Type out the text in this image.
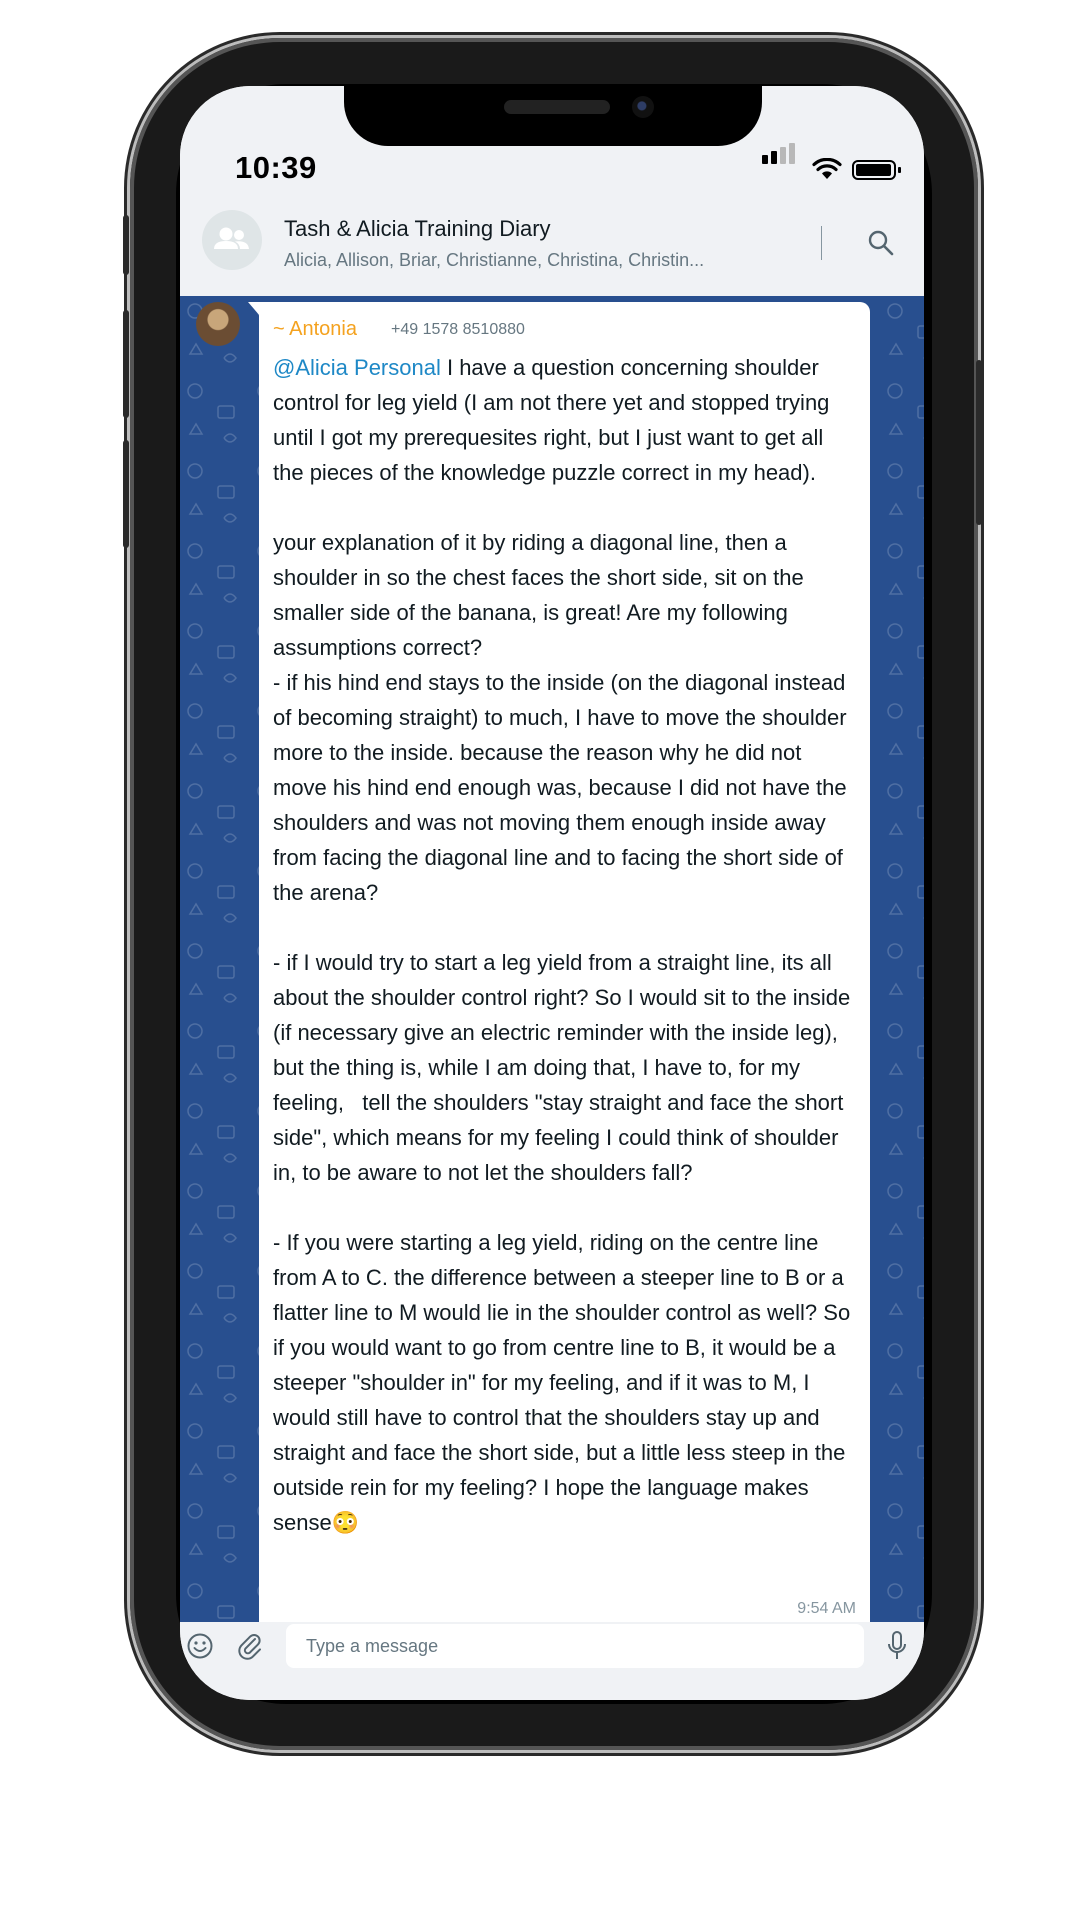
10:39
Tash & Alicia Training Diary
Alicia, Allison, Briar, Christianne, Christina, Christin...
~ Antonia +49 1578 8510880

@Alicia Personal I have a question concerning shoulder control for leg yield (I am not there yet and stopped trying until I got my prerequesites right, but I just want to get all the pieces of the knowledge puzzle correct in my head).

your explanation of it by riding a diagonal line, then a shoulder in so the chest faces the short side, sit on the smaller side of the banana, is great! Are my following assumptions correct?
- if his hind end stays to the inside (on the diagonal instead of becoming straight) to much, I have to move the shoulder more to the inside. because the reason why he did not move his hind end enough was, because I did not have the shoulders and was not moving them enough inside away from facing the diagonal line and to facing the short side of the arena?

- if I would try to start a leg yield from a straight line, its all about the shoulder control right? So I would sit to the inside (if necessary give an electric reminder with the inside leg), but the thing is, while I am doing that, I have to, for my feeling,   tell the shoulders "stay straight and face the short side", which means for my feeling I could think of shoulder in, to be aware to not let the shoulders fall?

- If you were starting a leg yield, riding on the centre line from A to C. the difference between a steeper line to B or a flatter line to M would lie in the shoulder control as well? So if you would want to go from centre line to B, it would be a steeper "shoulder in" for my feeling, and if it was to M, I would still have to control that the shoulders stay up and straight and face the short side, but a little less steep in the outside rein for my feeling? I hope the language makes sense😳

9:54 AM
Type a message
